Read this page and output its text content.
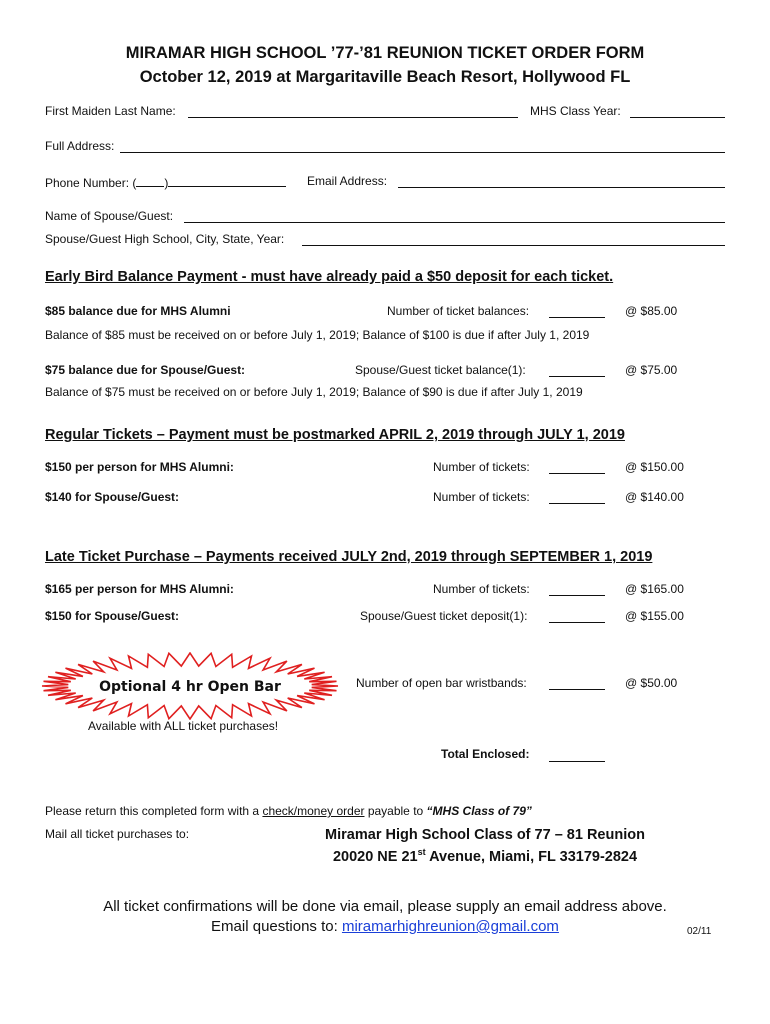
MIRAMAR HIGH SCHOOL ’77-’81 REUNION TICKET ORDER FORM
October 12, 2019 at Margaritaville Beach Resort, Hollywood FL
First Maiden Last Name:	MHS Class Year:
Full Address:
Phone Number: ( )	Email Address:
Name of Spouse/Guest:
Spouse/Guest High School, City, State, Year:
Early Bird Balance Payment - must have already paid a $50 deposit for each ticket.
$85 balance due for MHS Alumni	Number of ticket balances:	@ $85.00
Balance of $85 must be received on or before July 1, 2019; Balance of $100 is due if after July 1, 2019
$75 balance due for Spouse/Guest:	Spouse/Guest ticket balance(1):	@ $75.00
Balance of $75 must be received on or before July 1, 2019; Balance of $90 is due if after July 1, 2019
Regular Tickets – Payment must be postmarked APRIL 2, 2019 through JULY 1, 2019
$150 per person for MHS Alumni:	Number of tickets:	@ $150.00
$140 for Spouse/Guest:	Number of tickets:	@ $140.00
Late Ticket Purchase – Payments received JULY 2nd, 2019 through SEPTEMBER 1, 2019
$165 per person for MHS Alumni:	Number of tickets:	@ $165.00
$150 for Spouse/Guest:	Spouse/Guest ticket deposit(1):	@ $155.00
Optional 4 hr Open Bar
Available with ALL ticket purchases!
Number of open bar wristbands:	@ $50.00
Total Enclosed:
Please return this completed form with a check/money order payable to “MHS Class of 79”
Mail all ticket purchases to:	Miramar High School Class of 77 – 81 Reunion
20020 NE 21st Avenue, Miami, FL 33179-2824
All ticket confirmations will be done via email, please supply an email address above.
Email questions to: miramarhighreunion@gmail.com	02/11
